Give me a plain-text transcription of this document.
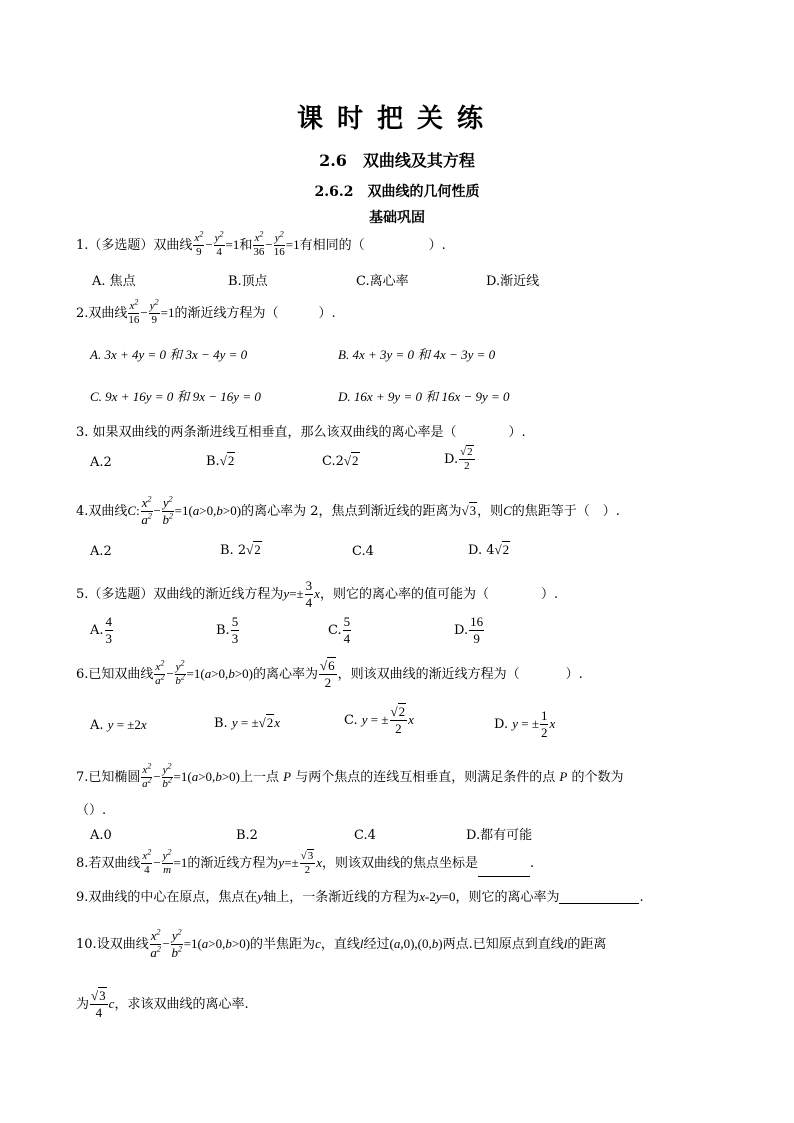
课时把关练
2.6　双曲线及其方程
2.6.2　双曲线的几何性质
基础巩固
1.（多选题）双曲线 $\frac{x^2}{9} - \frac{y^2}{4} =1$和 $\frac{x^2}{36} - \frac{y^2}{16} =1$有相同的（	）.
A. 焦点	B.顶点	C.离心率	D.渐近线
2.双曲线 $\frac{x^2}{16} - \frac{y^2}{9} =1$的渐近线方程为（	）.
A. 3x + 4y = 0 和 3x − 4y = 0	B. 4x + 3y = 0 和 4x − 3y = 0
C. 9x + 16y = 0 和 9x − 16y = 0	D. 16x + 9y = 0 和 16x − 9y = 0
3. 如果双曲线的两条渐进线互相垂直，那么该双曲线的离心率是（	）.
A.2	B.√2	C.2√2	D. $\frac{√2}{2}$
4.双曲线C: $\frac{x^2}{a^2} - \frac{y^2}{b^2} =1(a>0,b>0)$的离心率为 2，焦点到渐近线的距离为√3，则C的焦距等于（　）.
A.2	B. 2√2	C.4	D. 4√2
5.（多选题）双曲线的渐近线方程为$y=\pm \frac{3}{4}$ x，则它的离心率的值可能为（	）.
A. $\frac{4}{3}$	B. $\frac{5}{3}$	C. $\frac{5}{4}$	D. $\frac{16}{9}$
6.已知双曲线 $\frac{x^2}{a^2} - \frac{y^2}{b^2} =1(a>0,b>0)$的离心率为 $\frac{√6}{2}$ ，则该双曲线的渐近线方程为（	）.
A. y = ±2x	B. y = ±√2x	C. y = ± $\frac{√2}{2}$ x	D. y = ± $\frac{1}{2}$ x
7.已知椭圆 $\frac{x^2}{a^2} - \frac{y^2}{b^2} =1(a>0,b>0)$上一点 P 与两个焦点的连线互相垂直，则满足条件的点 P 的个数为
（）.
A.0	B.2	C.4	D.都有可能
8.若双曲线 $\frac{x^2}{4} - \frac{y^2}{m} =1$的渐近线方程为$y=\pm \frac{√3}{2}$ x，则该双曲线的焦点坐标是	.
9.双曲线的中心在原点，焦点在y轴上，一条渐近线的方程为x-2y=0，则它的离心率为	.
10.设双曲线 $\frac{x^2}{a^2} - \frac{y^2}{b^2} =1(a>0,b>0)$的半焦距为c，直线l经过(a,0),(0,b)两点.已知原点到直线l的距离
为 $\frac{√3}{4}$ c，求该双曲线的离心率.
